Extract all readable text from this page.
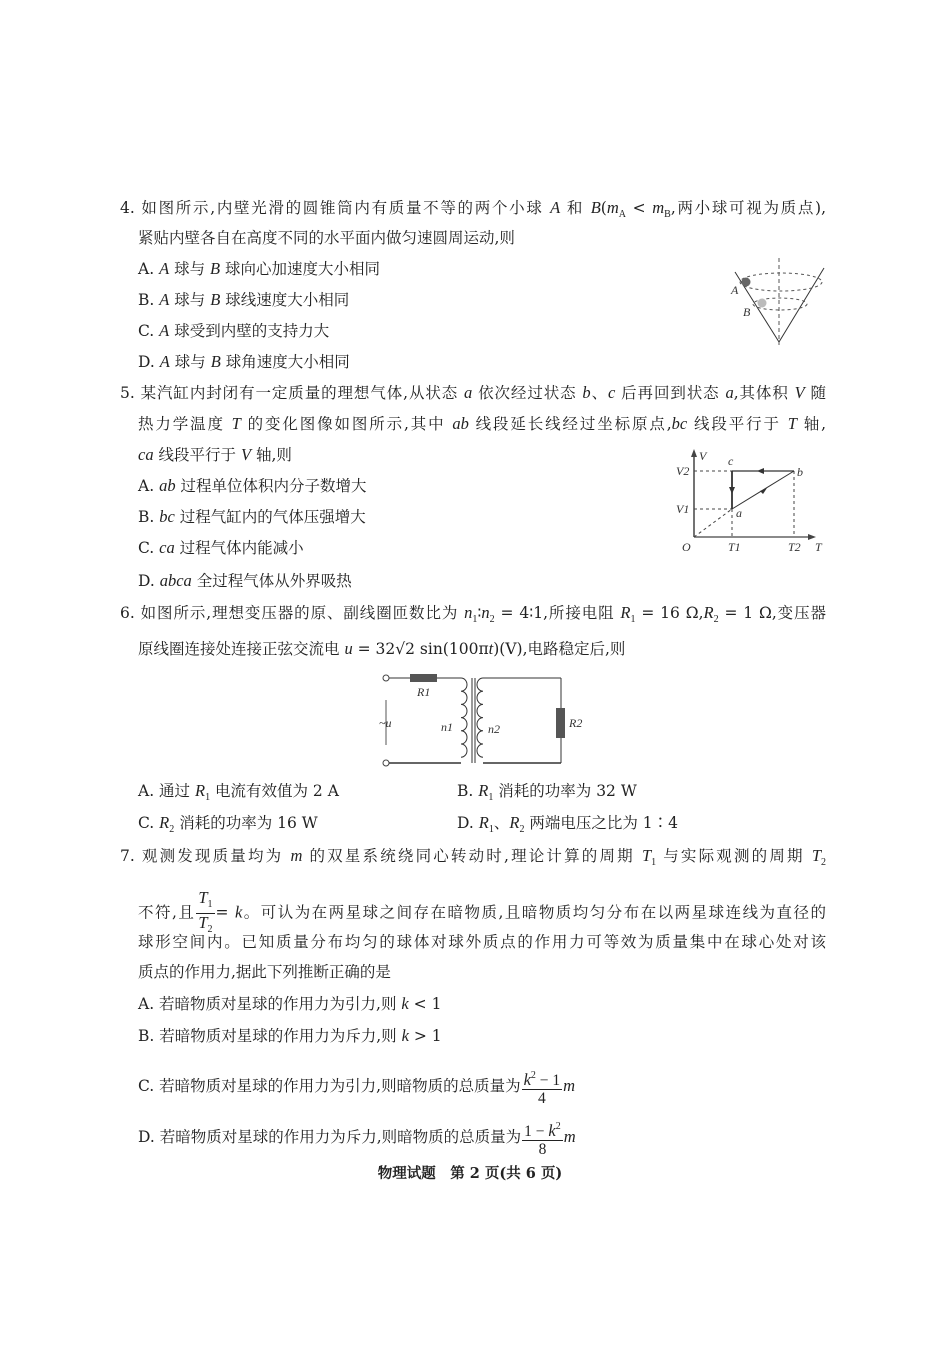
4. 如图所示,内壁光滑的圆锥筒内有质量不等的两个小球 A 和 $B(m_A < m_B$,两小球可视为质点),
紧贴内壁各自在高度不同的水平面内做匀速圆周运动,则
A. A 球与 B 球向心加速度大小相同
B. A 球与 B 球线速度大小相同
C. A 球受到内壁的支持力大
D. A 球与 B 球角速度大小相同
A
B
5. 某汽缸内封闭有一定质量的理想气体,从状态 a 依次经过状态 b、c 后再回到状态 a,其体积 V 随
热力学温度 T 的变化图像如图所示,其中 ab 线段延长线经过坐标原点,bc 线段平行于 T 轴,
ca 线段平行于 V 轴,则
A. ab 过程单位体积内分子数增大
B. bc 过程气缸内的气体压强增大
C. ca 过程气体内能减小
D. abca 全过程气体从外界吸热
V
T
O
V2
V1
T1	T2
a
b
c
6. 如图所示,理想变压器的原、副线圈匝数比为 $n_1∶n_2$ = 4∶1,所接电阻 $R_1 = 16$ $\Omega,R_2 = 1$ Ω,变压器
原线圈连接处连接正弦交流电 u = 32√2 sin(100πt)(V),电路稳定后,则
~u
R1
R2
n1	n2
A. 通过 $R_1$ 电流有效值为 2 A	B. $R_1$ 消耗的功率为 32 W
C. $R_2$ 消耗的功率为 16 W	D. $R_1$、$R_2$ 两端电压之比为 1∶4
7. 观测发现质量均为 m 的双星系统绕同心转动时,理论计算的周期 $T_1$ 与实际观测的周期 $T_2$
不符,且 $\frac{T_1}{T_2} = k$。可认为在两星球之间存在暗物质,且暗物质均匀分布在以两星球连线为直径的
球形空间内。已知质量分布均匀的球体对球外质点的作用力可等效为质量集中在球心处对该
质点的作用力,据此下列推断正确的是
A. 若暗物质对星球的作用力为引力,则 k < 1
B. 若暗物质对星球的作用力为斥力,则 k > 1
C. 若暗物质对星球的作用力为引力,则暗物质的总质量为 $\frac{k^2 - 1}{4}$ m
D. 若暗物质对星球的作用力为斥力,则暗物质的总质量为 $\frac{1 - k^2}{8}$ m
物理试题　第 2 页(共 6 页)
